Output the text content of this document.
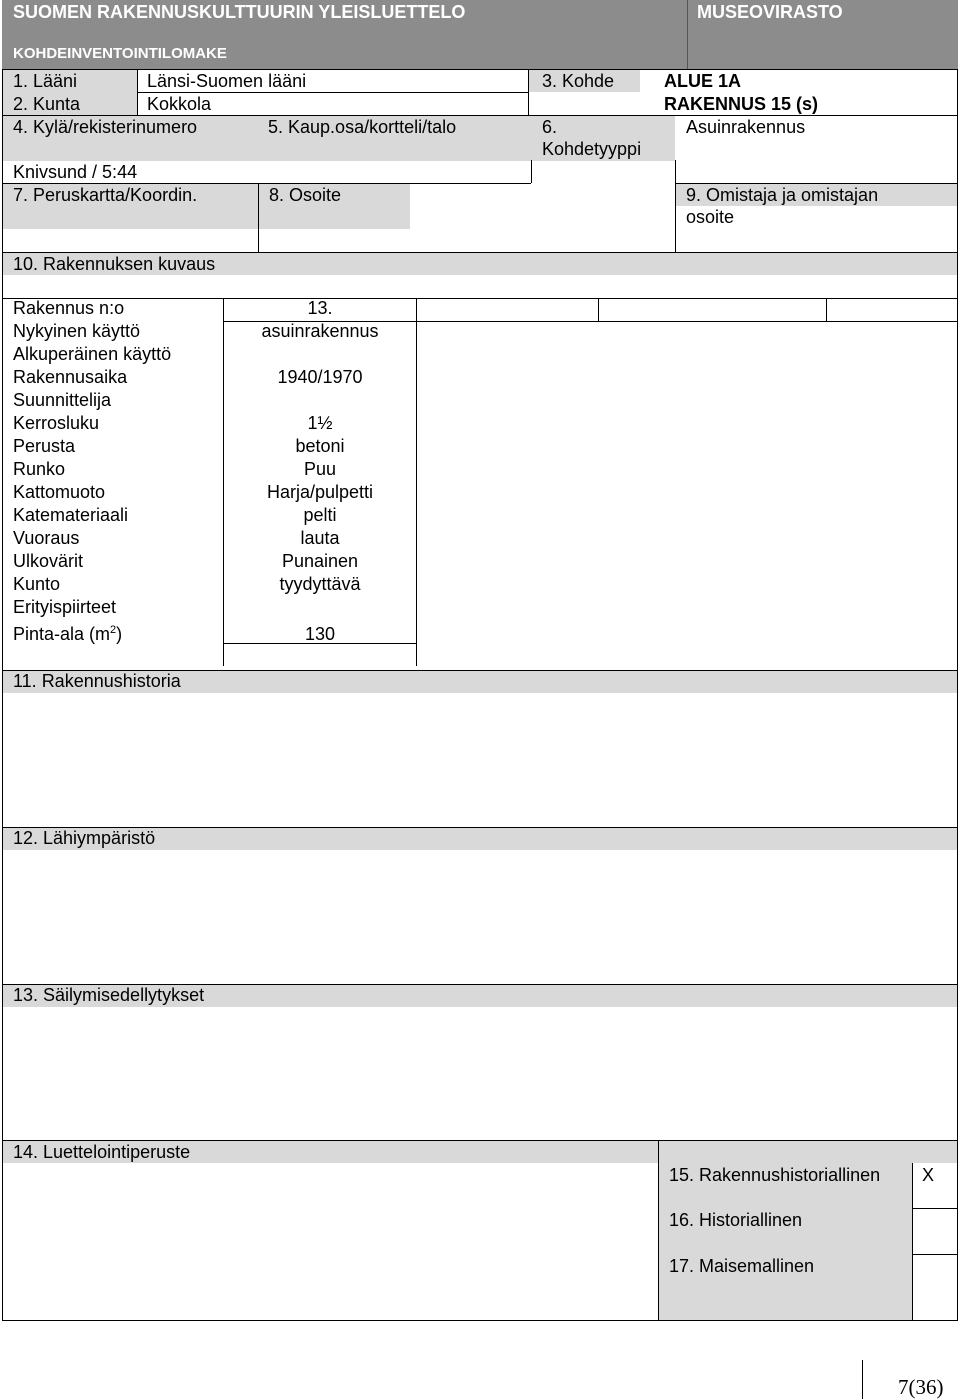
SUOMEN RAKENNUSKULTTUURIN YLEISLUETTELO	MUSEOVIRASTO
KOHDEINVENTOINTILOMAKE
1. Lääni	Länsi-Suomen lääni
2. Kunta	Kokkola
3. Kohde	ALUE 1A
RAKENNUS 15 (s)
4. Kylä/rekisterinumero
Knivsund / 5:44
5. Kaup.osa/kortteli/talo	6.
Kohdetyyppi
Asuinrakennus
7. Peruskartta/Koordin.	8. Osoite	9. Omistaja ja omistajan
osoite
10. Rakennuksen kuvaus
Rakennus n:o	13.
Nykyinen käyttö	asuinrakennus
Alkuperäinen käyttö
Rakennusaika	1940/1970
Suunnittelija
Kerrosluku	1½
Perusta	betoni
Runko	Puu
Kattomuoto	Harja/pulpetti
Katemateriaali	pelti
Vuoraus	lauta
Ulkovärit	Punainen
Kunto	tyydyttävä
Erityispiirteet
Pinta-ala $(m^2)$	130
11. Rakennushistoria
12. Lähiympäristö
13. Säilymisedellytykset
14. Luettelointiperuste
15. Rakennushistoriallinen X
16. Historiallinen
17. Maisemallinen
7(36)
